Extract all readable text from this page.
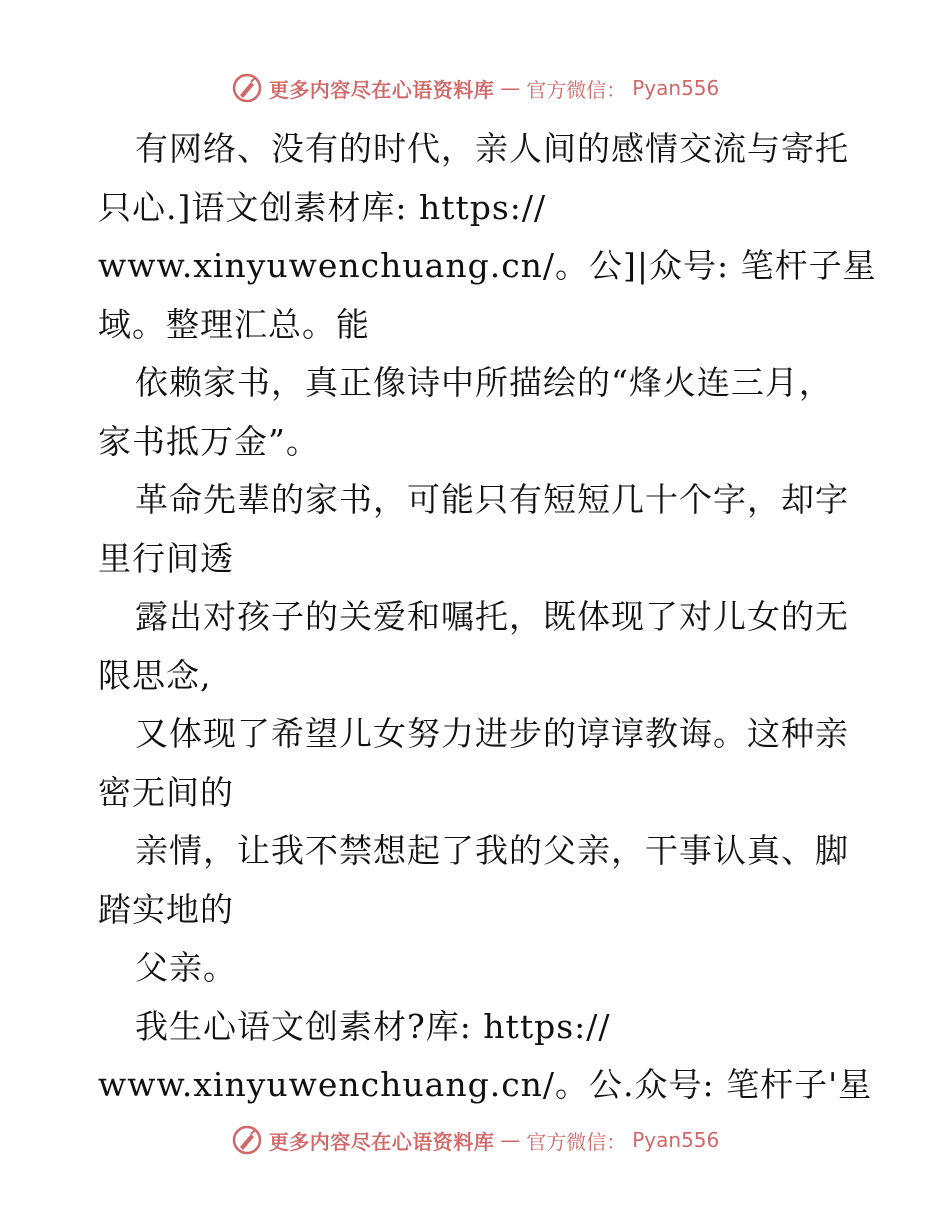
更多内容尽在心语资料库 — 官方微信： Pyan556
有网络、没有的时代，亲人间的感情交流与寄托
只心.]语文创素材库: https://
www.xinyuwenchuang.cn/。公]|众号: 笔杆子星
域。整理汇总。能
依赖家书，真正像诗中所描绘的“烽火连三月，
家书抵万金”。
革命先辈的家书，可能只有短短几十个字，却字
里行间透
露出对孩子的关爱和嘱托，既体现了对儿女的无
限思念,
又体现了希望儿女努力进步的谆谆教诲。这种亲
密无间的
亲情，让我不禁想起了我的父亲，干事认真、脚
踏实地的
父亲。
我生心语文创素材?库: https://
www.xinyuwenchuang.cn/。公.众号: 笔杆子'星
更多内容尽在心语资料库 — 官方微信： Pyan556
